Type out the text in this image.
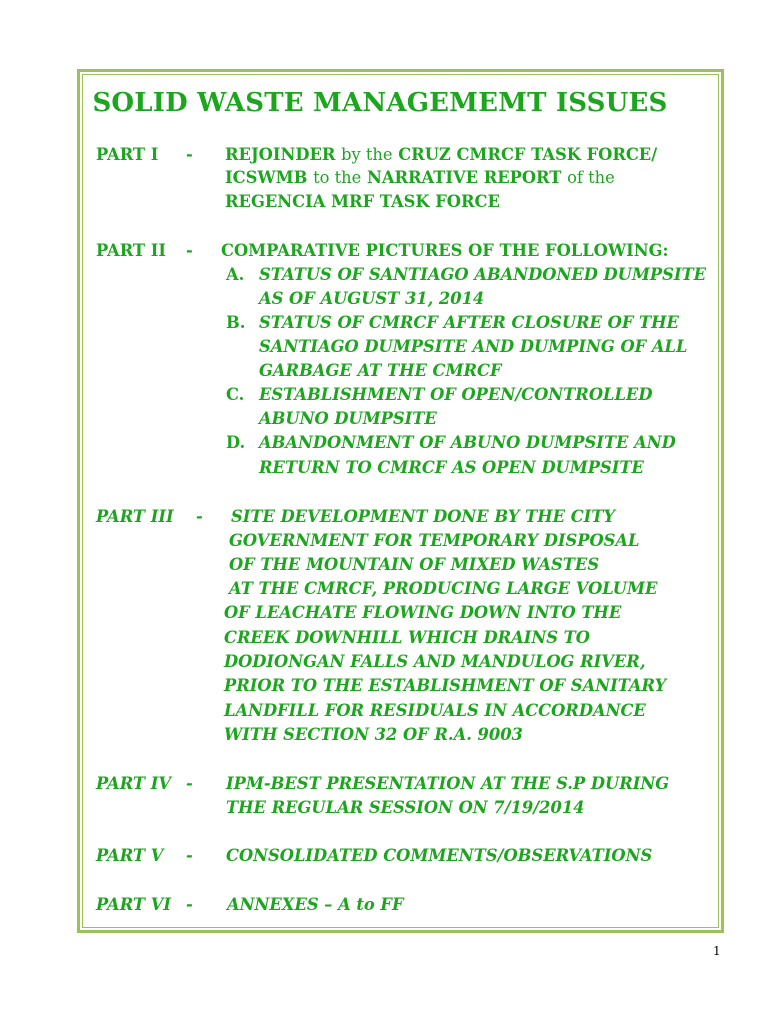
SOLID WASTE MANAGEMEMT ISSUES
PART I - REJOINDER by the CRUZ CMRCF TASK FORCE/
ICSWMB to the NARRATIVE REPORT of the
REGENCIA MRF TASK FORCE
PART II - COMPARATIVE PICTURES OF THE FOLLOWING:
A. STATUS OF SANTIAGO ABANDONED DUMPSITE
AS OF AUGUST 31, 2014
B. STATUS OF CMRCF AFTER CLOSURE OF THE
SANTIAGO DUMPSITE AND DUMPING OF ALL
GARBAGE AT THE CMRCF
C. ESTABLISHMENT OF OPEN/CONTROLLED
ABUNO DUMPSITE
D. ABANDONMENT OF ABUNO DUMPSITE AND
RETURN TO CMRCF AS OPEN DUMPSITE
PART III - SITE DEVELOPMENT DONE BY THE CITY
GOVERNMENT FOR TEMPORARY DISPOSAL
OF THE MOUNTAIN OF MIXED WASTES
AT THE CMRCF, PRODUCING LARGE VOLUME
OF LEACHATE FLOWING DOWN INTO THE
CREEK DOWNHILL WHICH DRAINS TO
DODIONGAN FALLS AND MANDULOG RIVER,
PRIOR TO THE ESTABLISHMENT OF SANITARY
LANDFILL FOR RESIDUALS IN ACCORDANCE
WITH SECTION 32 OF R.A. 9003
PART IV - IPM-BEST PRESENTATION AT THE S.P DURING
THE REGULAR SESSION ON 7/19/2014
PART V - CONSOLIDATED COMMENTS/OBSERVATIONS
PART VI - ANNEXES – A to FF
1
